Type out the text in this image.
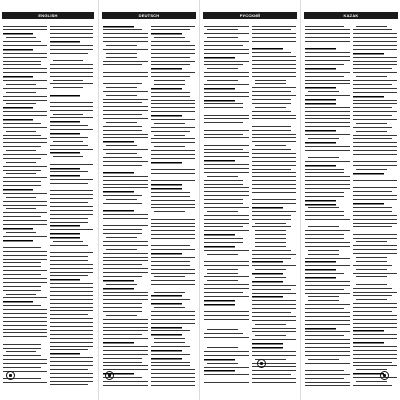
ENGLISH	DEUTSCH	РУССКИЙ	KAZAK
